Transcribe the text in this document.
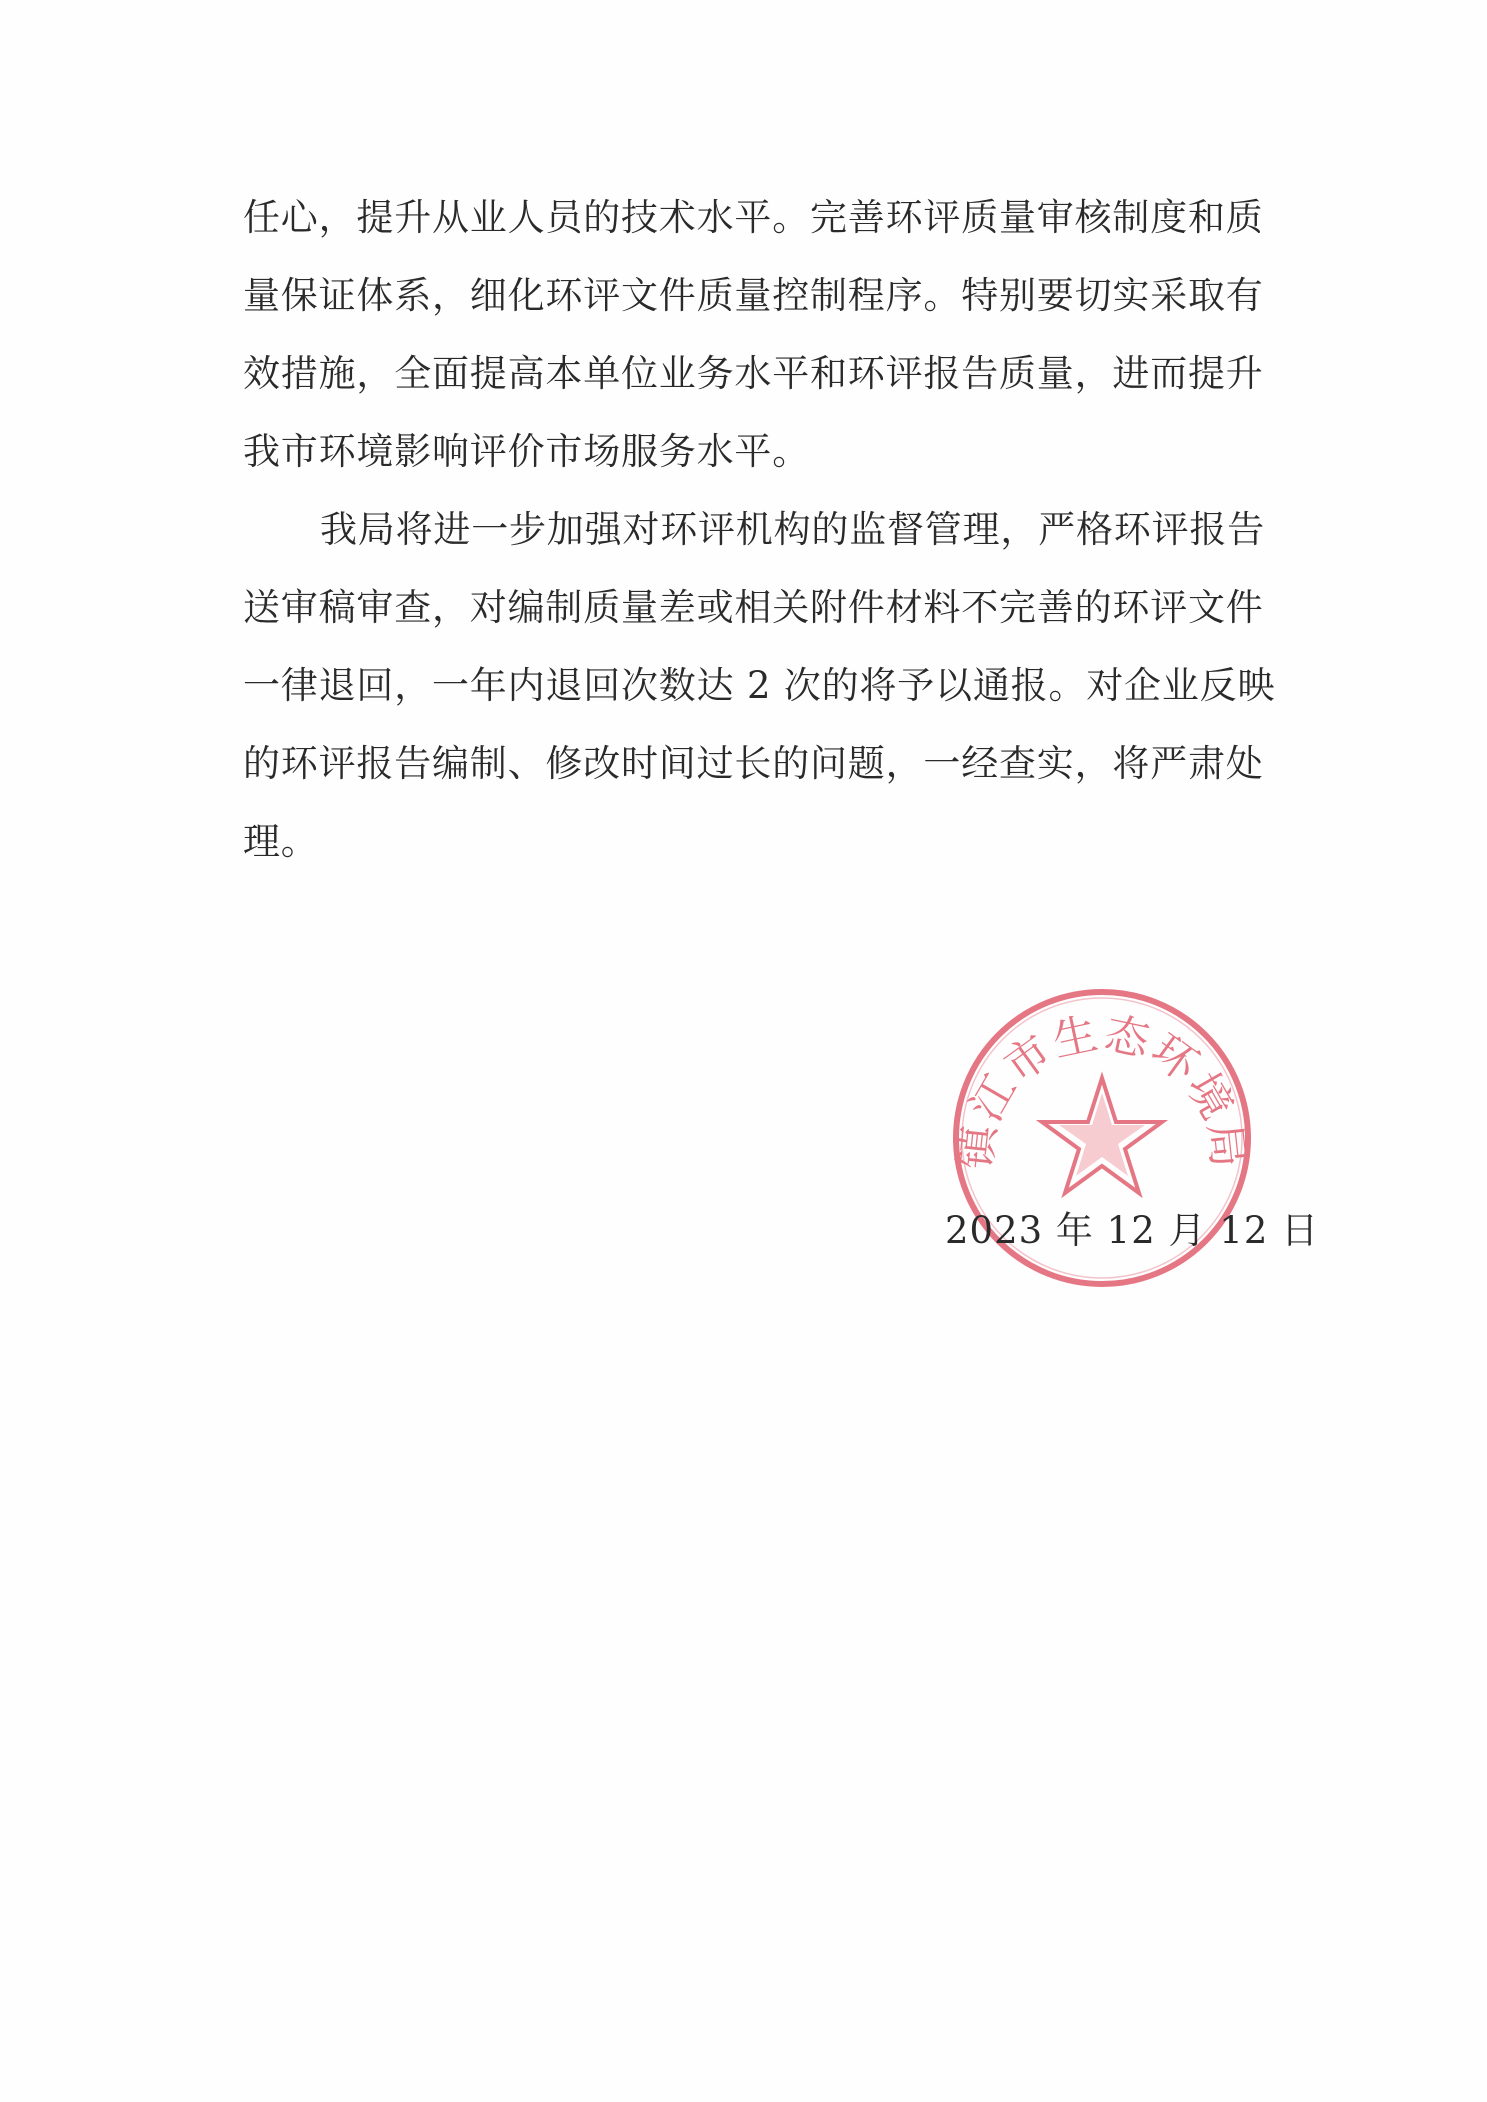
任心，提升从业人员的技术水平。完善环评质量审核制度和质
量保证体系，细化环评文件质量控制程序。特别要切实采取有
效措施，全面提高本单位业务水平和环评报告质量，进而提升
我市环境影响评价市场服务水平。
我局将进一步加强对环评机构的监督管理，严格环评报告
送审稿审查，对编制质量差或相关附件材料不完善的环评文件
一律退回，一年内退回次数达 2 次的将予以通报。对企业反映
的环评报告编制、修改时间过长的问题，一经查实，将严肃处
理。
镇江市生态环境局
2023 年 12 月 12 日
